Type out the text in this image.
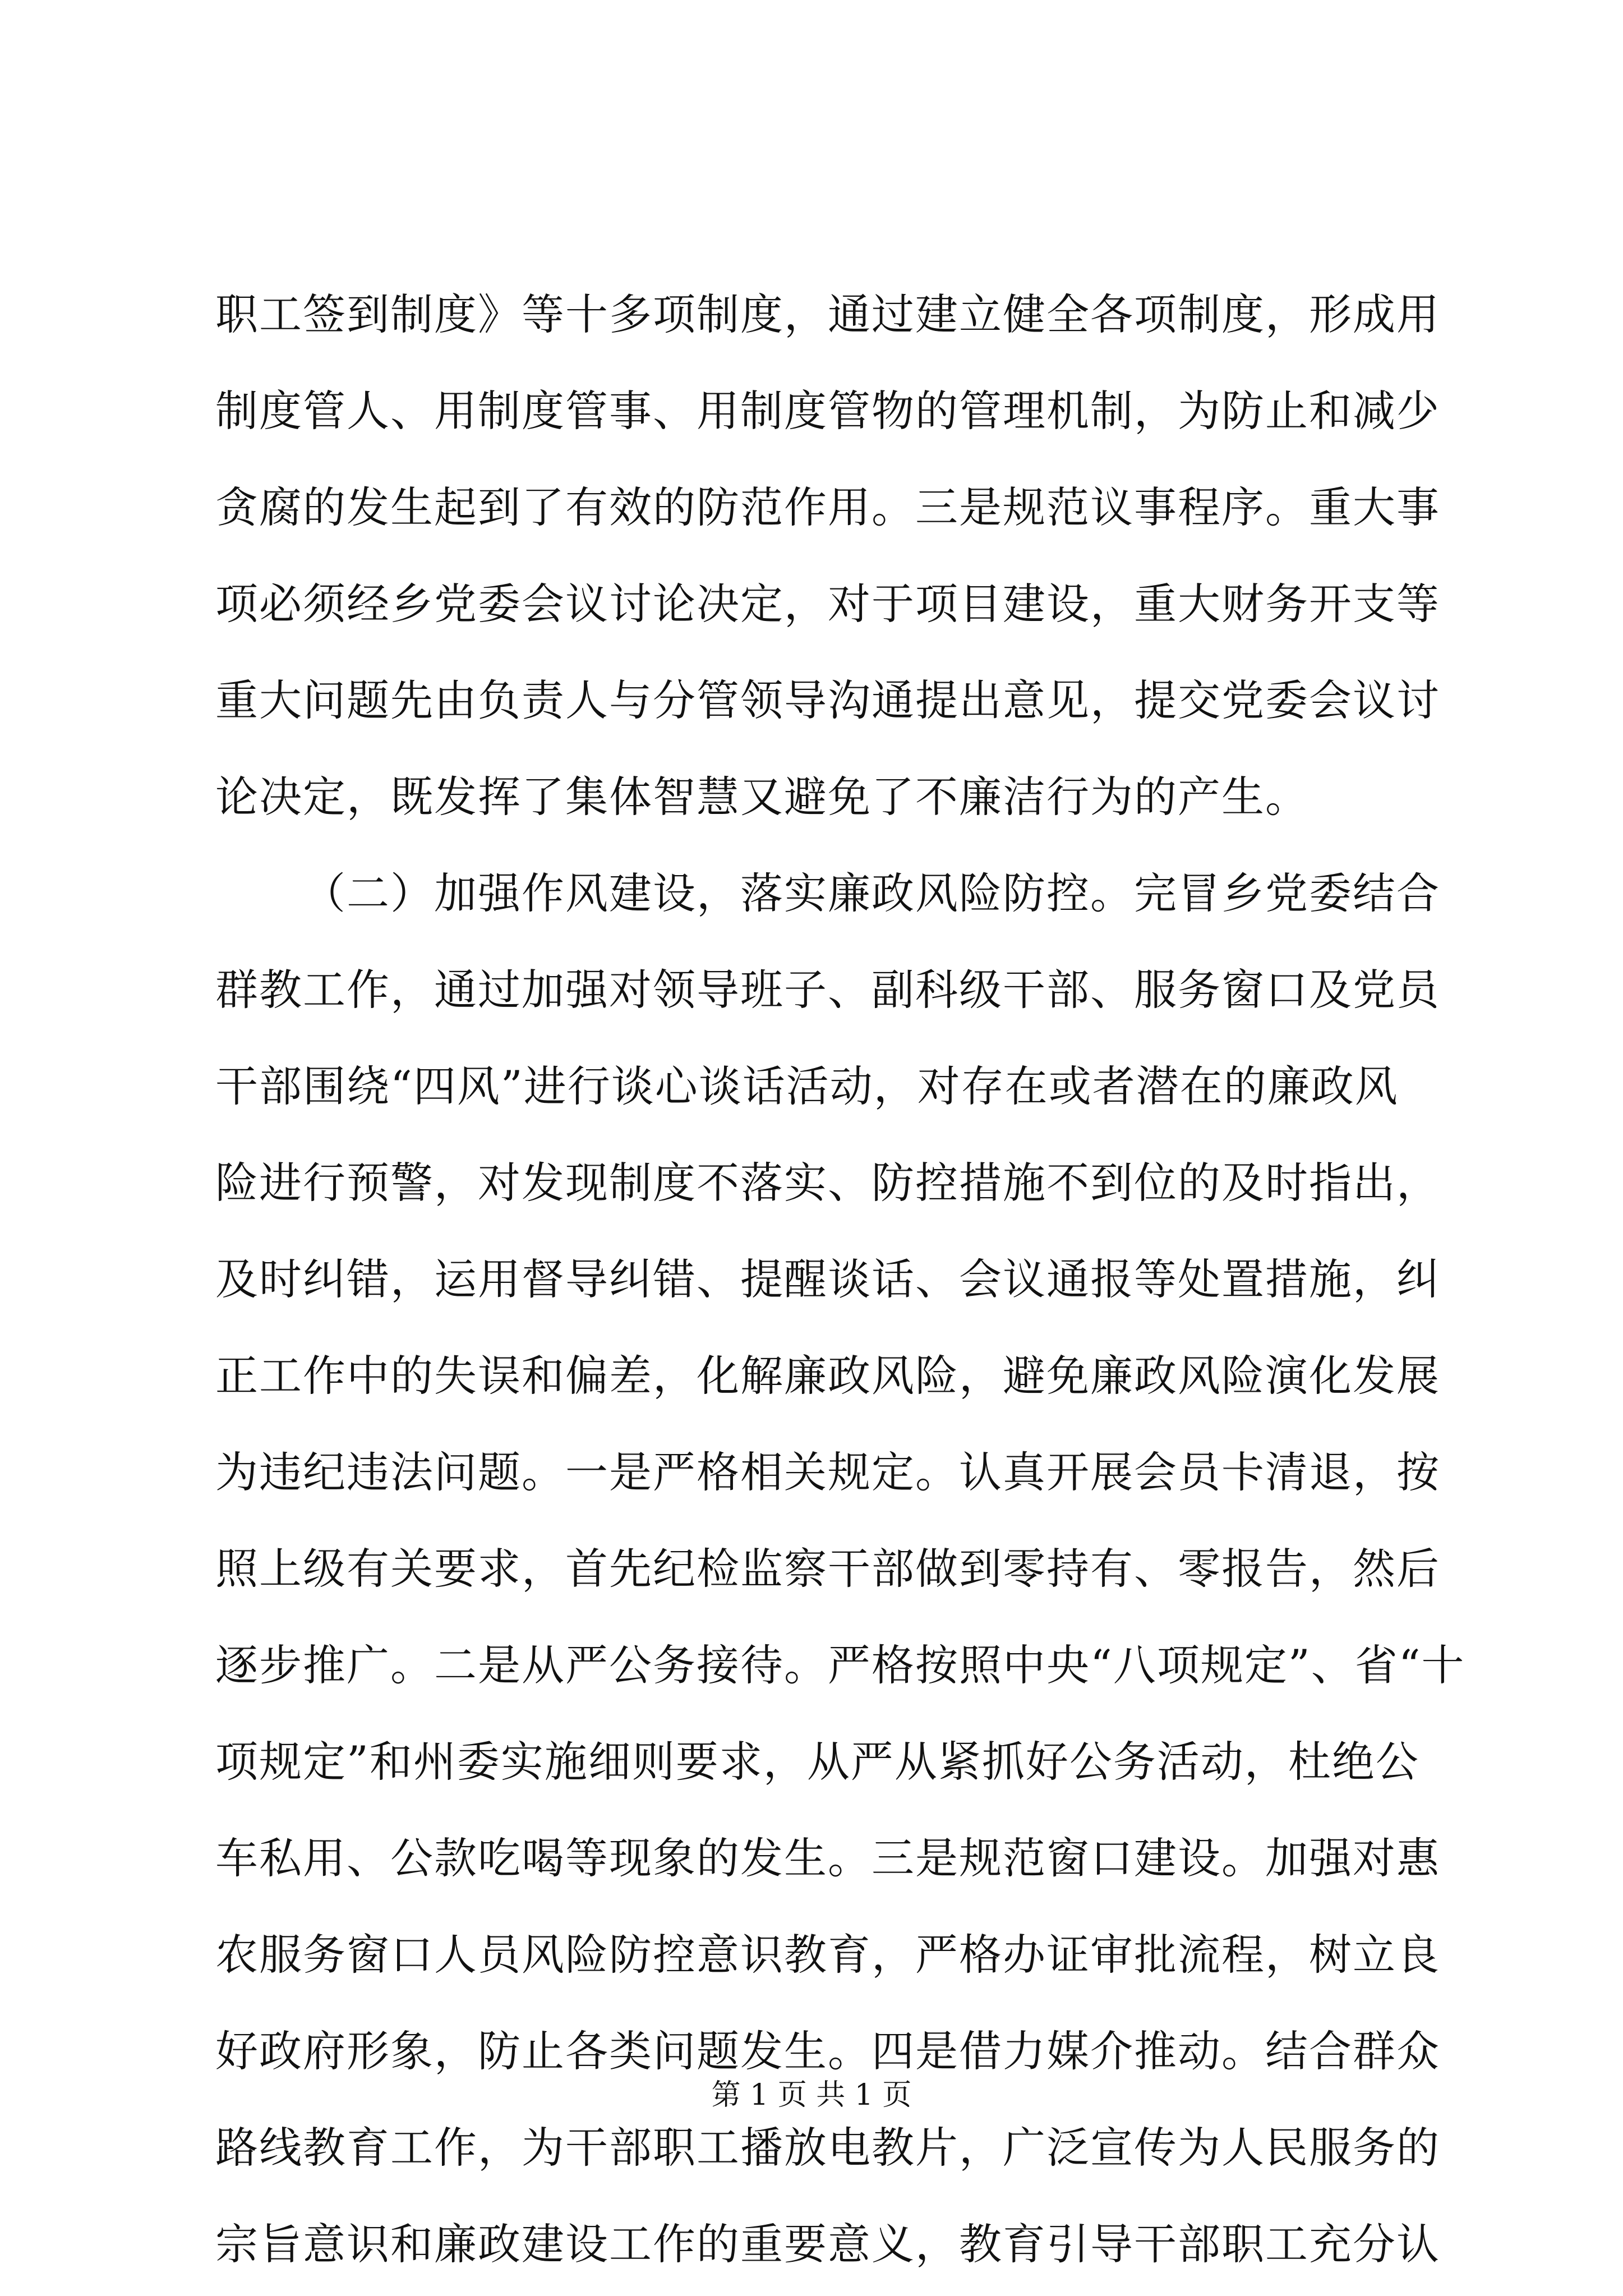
职工签到制度》等十多项制度，通过建立健全各项制度，形成用
制度管人、用制度管事、用制度管物的管理机制，为防止和减少
贪腐的发生起到了有效的防范作用。三是规范议事程序。重大事
项必须经乡党委会议讨论决定，对于项目建设，重大财务开支等
重大问题先由负责人与分管领导沟通提出意见，提交党委会议讨
论决定，既发挥了集体智慧又避免了不廉洁行为的产生。
（二）加强作风建设，落实廉政风险防控。完冒乡党委结合
群教工作，通过加强对领导班子、副科级干部、服务窗口及党员
干部围绕“四风”进行谈心谈话活动，对存在或者潜在的廉政风
险进行预警，对发现制度不落实、防控措施不到位的及时指出，
及时纠错，运用督导纠错、提醒谈话、会议通报等处置措施，纠
正工作中的失误和偏差，化解廉政风险，避免廉政风险演化发展
为违纪违法问题。一是严格相关规定。认真开展会员卡清退，按
照上级有关要求，首先纪检监察干部做到零持有、零报告，然后
逐步推广。二是从严公务接待。严格按照中央“八项规定”、省“十
项规定”和州委实施细则要求，从严从紧抓好公务活动，杜绝公
车私用、公款吃喝等现象的发生。三是规范窗口建设。加强对惠
农服务窗口人员风险防控意识教育，严格办证审批流程，树立良
好政府形象，防止各类问题发生。四是借力媒介推动。结合群众
路线教育工作，为干部职工播放电教片，广泛宣传为人民服务的
宗旨意识和廉政建设工作的重要意义，教育引导干部职工充分认
第 1 页 共 1 页
